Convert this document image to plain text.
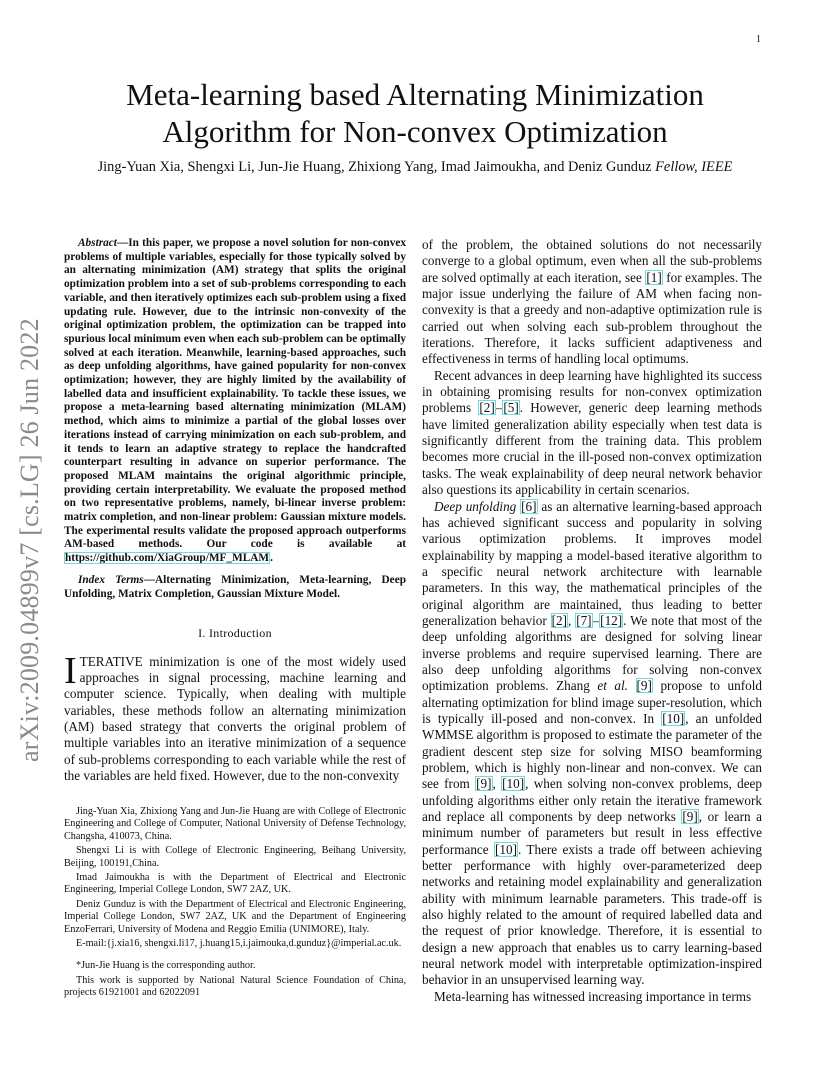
1
arXiv:2009.04899v7 [cs.LG] 26 Jun 2022
Meta-learning based Alternating Minimization
Algorithm for Non-convex Optimization
Jing-Yuan Xia, Shengxi Li, Jun-Jie Huang, Zhixiong Yang, Imad Jaimoukha, and Deniz Gunduz Fellow, IEEE

Abstract—In this paper, we propose a novel solution for non-convex problems of multiple variables, especially for those typically solved by an alternating minimization (AM) strategy that splits the original optimization problem into a set of sub-problems corresponding to each variable, and then iteratively optimizes each sub-problem using a fixed updating rule. However, due to the intrinsic non-convexity of the original optimization problem, the optimization can be trapped into spurious local minimum even when each sub-problem can be optimally solved at each iteration. Meanwhile, learning-based approaches, such as deep unfolding algorithms, have gained popularity for non-convex optimization; however, they are highly limited by the availability of labelled data and insufficient explainability. To tackle these issues, we propose a meta-learning based alternating minimization (MLAM) method, which aims to minimize a partial of the global losses over iterations instead of carrying minimization on each sub-problem, and it tends to learn an adaptive strategy to replace the handcrafted counterpart resulting in advance on superior performance. The proposed MLAM maintains the original algorithmic principle, providing certain interpretability. We evaluate the proposed method on two representative problems, namely, bi-linear inverse problem: matrix completion, and non-linear problem: Gaussian mixture models. The experimental results validate the proposed approach outperforms AM-based methods. Our code is available at https://github.com/XiaGroup/MF_MLAM.

Index Terms—Alternating Minimization, Meta-learning, Deep Unfolding, Matrix Completion, Gaussian Mixture Model.

I. Introduction

ITERATIVE minimization is one of the most widely used approaches in signal processing, machine learning and computer science. Typically, when dealing with multiple variables, these methods follow an alternating minimization (AM) based strategy that converts the original problem of multiple variables into an iterative minimization of a sequence of sub-problems corresponding to each variable while the rest of the variables are held fixed. However, due to the non-convexity

Jing-Yuan Xia, Zhixiong Yang and Jun-Jie Huang are with College of Electronic Engineering and College of Computer, National University of Defense Technology, Changsha, 410073, China.

Shengxi Li is with College of Electronic Engineering, Beihang University, Beijing, 100191,China.

Imad Jaimoukha is with the Department of Electrical and Electronic Engineering, Imperial College London, SW7 2AZ, UK.

Deniz Gunduz is with the Department of Electrical and Electronic Engineering, Imperial College London, SW7 2AZ, UK and the Department of Engineering EnzoFerrari, University of Modena and Reggio Emilia (UNIMORE), Italy.

E-mail:{j.xia16, shengxi.li17, j.huang15,i.jaimouka,d.gunduz}@imperial.ac.uk.

*Jun-Jie Huang is the corresponding author.

This work is supported by National Natural Science Foundation of China, projects 61921001 and 62022091

of the problem, the obtained solutions do not necessarily converge to a global optimum, even when all the sub-problems are solved optimally at each iteration, see [1] for examples. The major issue underlying the failure of AM when facing non-convexity is that a greedy and non-adaptive optimization rule is carried out when solving each sub-problem throughout the iterations. Therefore, it lacks sufficient adaptiveness and effectiveness in terms of handling local optimums.

Recent advances in deep learning have highlighted its success in obtaining promising results for non-convex optimization problems [2]–[5]. However, generic deep learning methods have limited generalization ability especially when test data is significantly different from the training data. This problem becomes more crucial in the ill-posed non-convex optimization tasks. The weak explainability of deep neural network behavior also questions its applicability in certain scenarios.

Deep unfolding [6] as an alternative learning-based approach has achieved significant success and popularity in solving various optimization problems. It improves model explainability by mapping a model-based iterative algorithm to a specific neural network architecture with learnable parameters. In this way, the mathematical principles of the original algorithm are maintained, thus leading to better generalization behavior [2], [7]–[12]. We note that most of the deep unfolding algorithms are designed for solving linear inverse problems and require supervised learning. There are also deep unfolding algorithms for solving non-convex optimization problems. Zhang et al. [9] propose to unfold alternating optimization for blind image super-resolution, which is typically ill-posed and non-convex. In [10], an unfolded WMMSE algorithm is proposed to estimate the parameter of the gradient descent step size for solving MISO beamforming problem, which is highly non-linear and non-convex. We can see from [9], [10], when solving non-convex problems, deep unfolding algorithms either only retain the iterative framework and replace all components by deep networks [9], or learn a minimum number of parameters but result in less effective performance [10]. There exists a trade off between achieving better performance with highly over-parameterized deep networks and retaining model explainability and generalization ability with minimum learnable parameters. This trade-off is also highly related to the amount of required labelled data and the request of prior knowledge. Therefore, it is essential to design a new approach that enables us to carry learning-based neural network model with interpretable optimization-inspired behavior in an unsupervised learning way.

Meta-learning has witnessed increasing importance in terms
